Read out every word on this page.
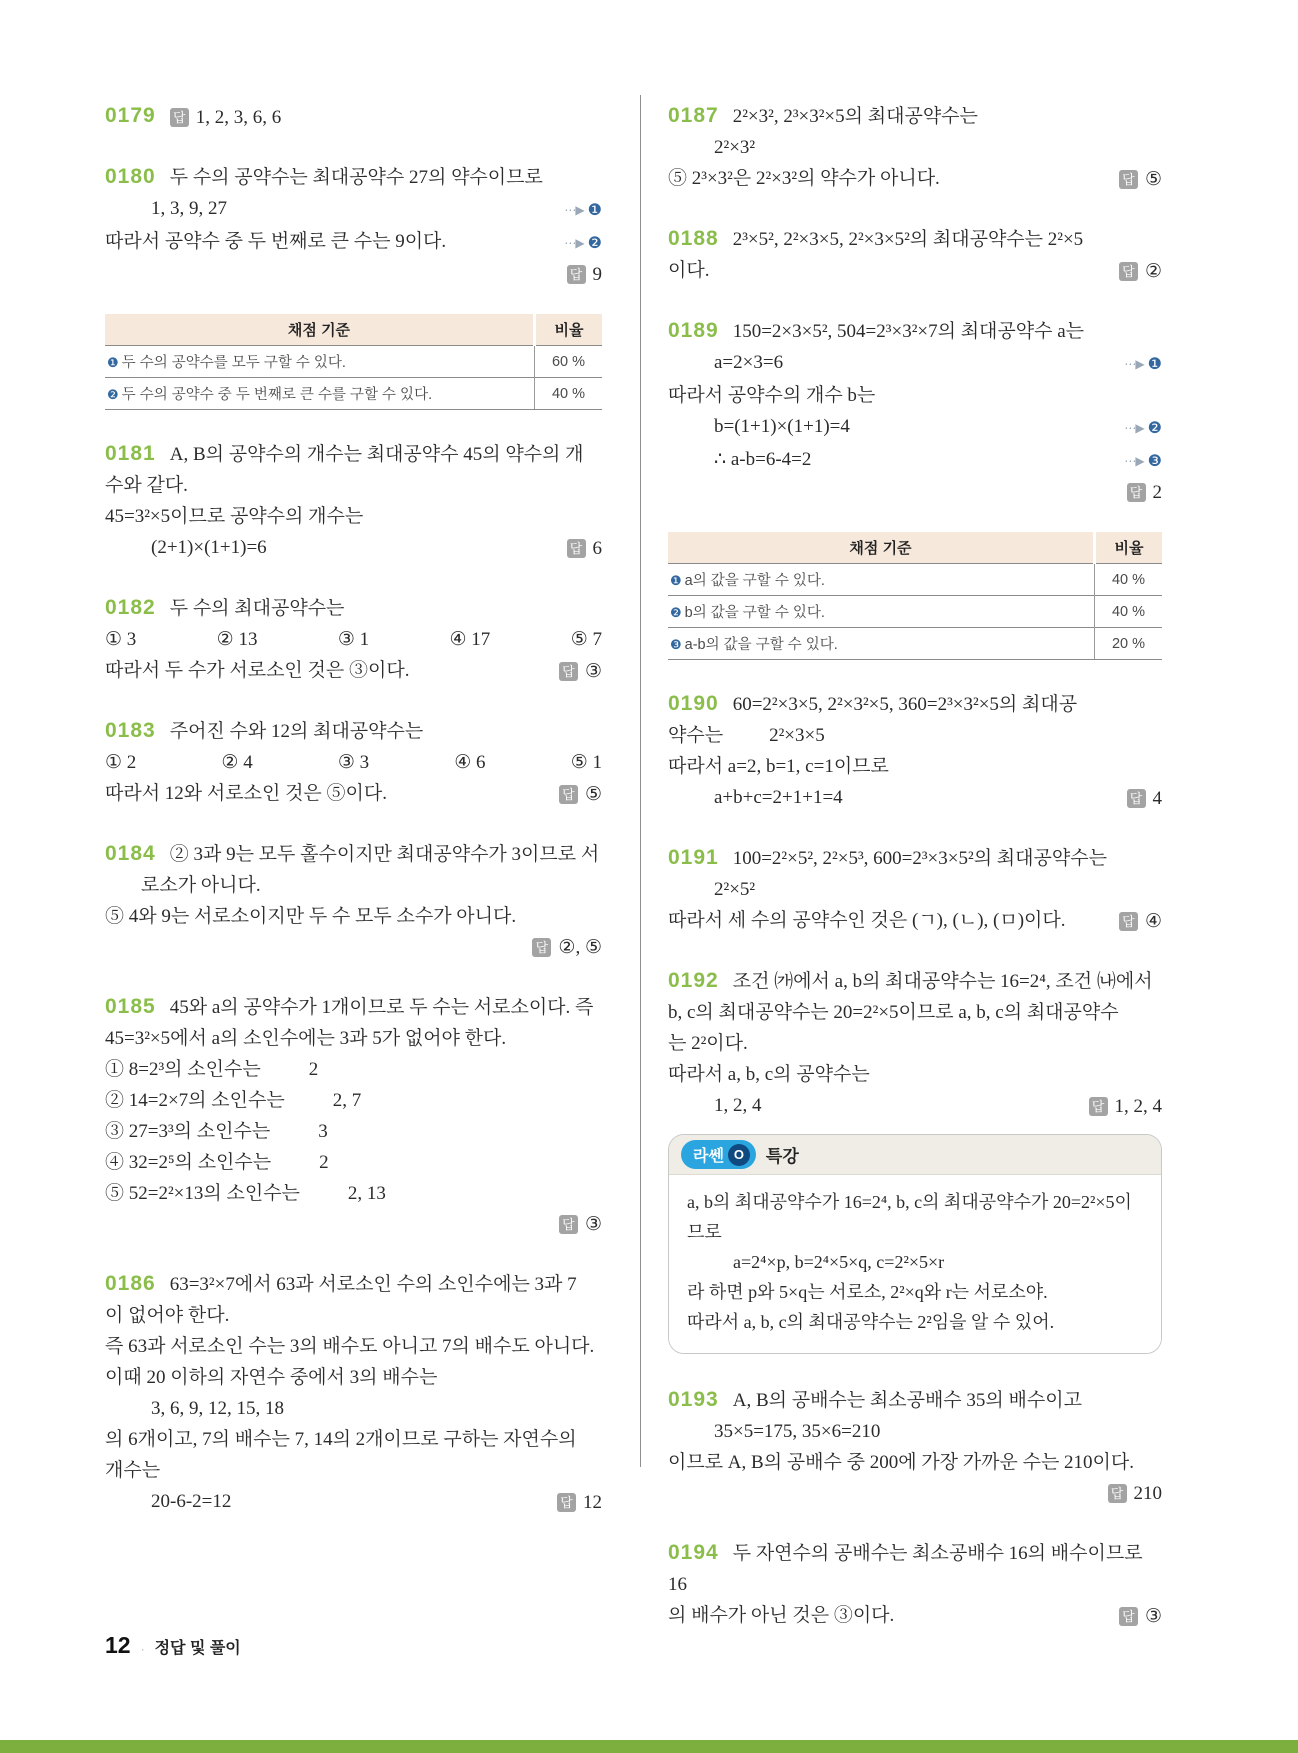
0179 답 1, 2, 3, 6, 6
0180 두 수의 공약수는 최대공약수 27의 약수이므로
1, 3, 9, 27	⋯▶ ❶
따라서 공약수 중 두 번째로 큰 수는 9이다.	⋯▶ ❷
답 9
채점 기준	비율
❶ 두 수의 공약수를 모두 구할 수 있다.	60 %
❷ 두 수의 공약수 중 두 번째로 큰 수를 구할 수 있다.	40 %
0181 A, B의 공약수의 개수는 최대공약수 45의 약수의 개
수와 같다.
45=3²×5이므로 공약수의 개수는
(2+1)×(1+1)=6	답 6
0182 두 수의 최대공약수는
① 3	② 13	③ 1	④ 17	⑤ 7
따라서 두 수가 서로소인 것은 ③이다.	답 ③
0183 주어진 수와 12의 최대공약수는
① 2	② 4	③ 3	④ 6	⑤ 1
따라서 12와 서로소인 것은 ⑤이다.	답 ⑤
0184 ② 3과 9는 모두 홀수이지만 최대공약수가 3이므로 서
로소가 아니다.
⑤ 4와 9는 서로소이지만 두 수 모두 소수가 아니다.
답 ②, ⑤
0185 45와 a의 공약수가 1개이므로 두 수는 서로소이다. 즉
45=3²×5에서 a의 소인수에는 3과 5가 없어야 한다.
① 8=2³의 소인수는	2
② 14=2×7의 소인수는	2, 7
③ 27=3³의 소인수는	3
④ 32=2⁵의 소인수는	2
⑤ 52=2²×13의 소인수는	2, 13
답 ③
0186 63=3²×7에서 63과 서로소인 수의 소인수에는 3과 7
이 없어야 한다.
즉 63과 서로소인 수는 3의 배수도 아니고 7의 배수도 아니다.
이때 20 이하의 자연수 중에서 3의 배수는
3, 6, 9, 12, 15, 18
의 6개이고, 7의 배수는 7, 14의 2개이므로 구하는 자연수의
개수는
20-6-2=12	답 12
0187 2²×3², 2³×3²×5의 최대공약수는
2²×3²
⑤ 2³×3²은 2²×3²의 약수가 아니다.	답 ⑤
0188 2³×5², 2²×3×5, 2²×3×5²의 최대공약수는 2²×5
이다.	답 ②
0189 150=2×3×5², 504=2³×3²×7의 최대공약수 a는
a=2×3=6	⋯▶ ❶
따라서 공약수의 개수 b는
b=(1+1)×(1+1)=4	⋯▶ ❷
∴ a-b=6-4=2	⋯▶ ❸
답 2
채점 기준	비율
❶ a의 값을 구할 수 있다.	40 %
❷ b의 값을 구할 수 있다.	40 %
❸ a-b의 값을 구할 수 있다.	20 %
0190 60=2²×3×5, 2²×3²×5, 360=2³×3²×5의 최대공
약수는 2²×3×5
따라서 a=2, b=1, c=1이므로
a+b+c=2+1+1=4	답 4
0191 100=2²×5², 2²×5³, 600=2³×3×5²의 최대공약수는
2²×5²
따라서 세 수의 공약수인 것은 (ㄱ), (ㄴ), (ㅁ)이다.	답 ④
0192 조건 ㈎에서 a, b의 최대공약수는 16=2⁴, 조건 ㈏에서
b, c의 최대공약수는 20=2²×5이므로 a, b, c의 최대공약수
는 2²이다.
따라서 a, b, c의 공약수는
1, 2, 4	답 1, 2, 4
라쎈 O	특강
a, b의 최대공약수가 16=2⁴, b, c의 최대공약수가 20=2²×5이
므로
a=2⁴×p, b=2⁴×5×q, c=2²×5×r
라 하면 p와 5×q는 서로소, 2²×q와 r는 서로소야.
따라서 a, b, c의 최대공약수는 2²임을 알 수 있어.
0193 A, B의 공배수는 최소공배수 35의 배수이고
35×5=175, 35×6=210
이므로 A, B의 공배수 중 200에 가장 가까운 수는 210이다.
답 210
0194 두 자연수의 공배수는 최소공배수 16의 배수이므로 16
의 배수가 아닌 것은 ③이다.	답 ③
12 · 정답 및 풀이
